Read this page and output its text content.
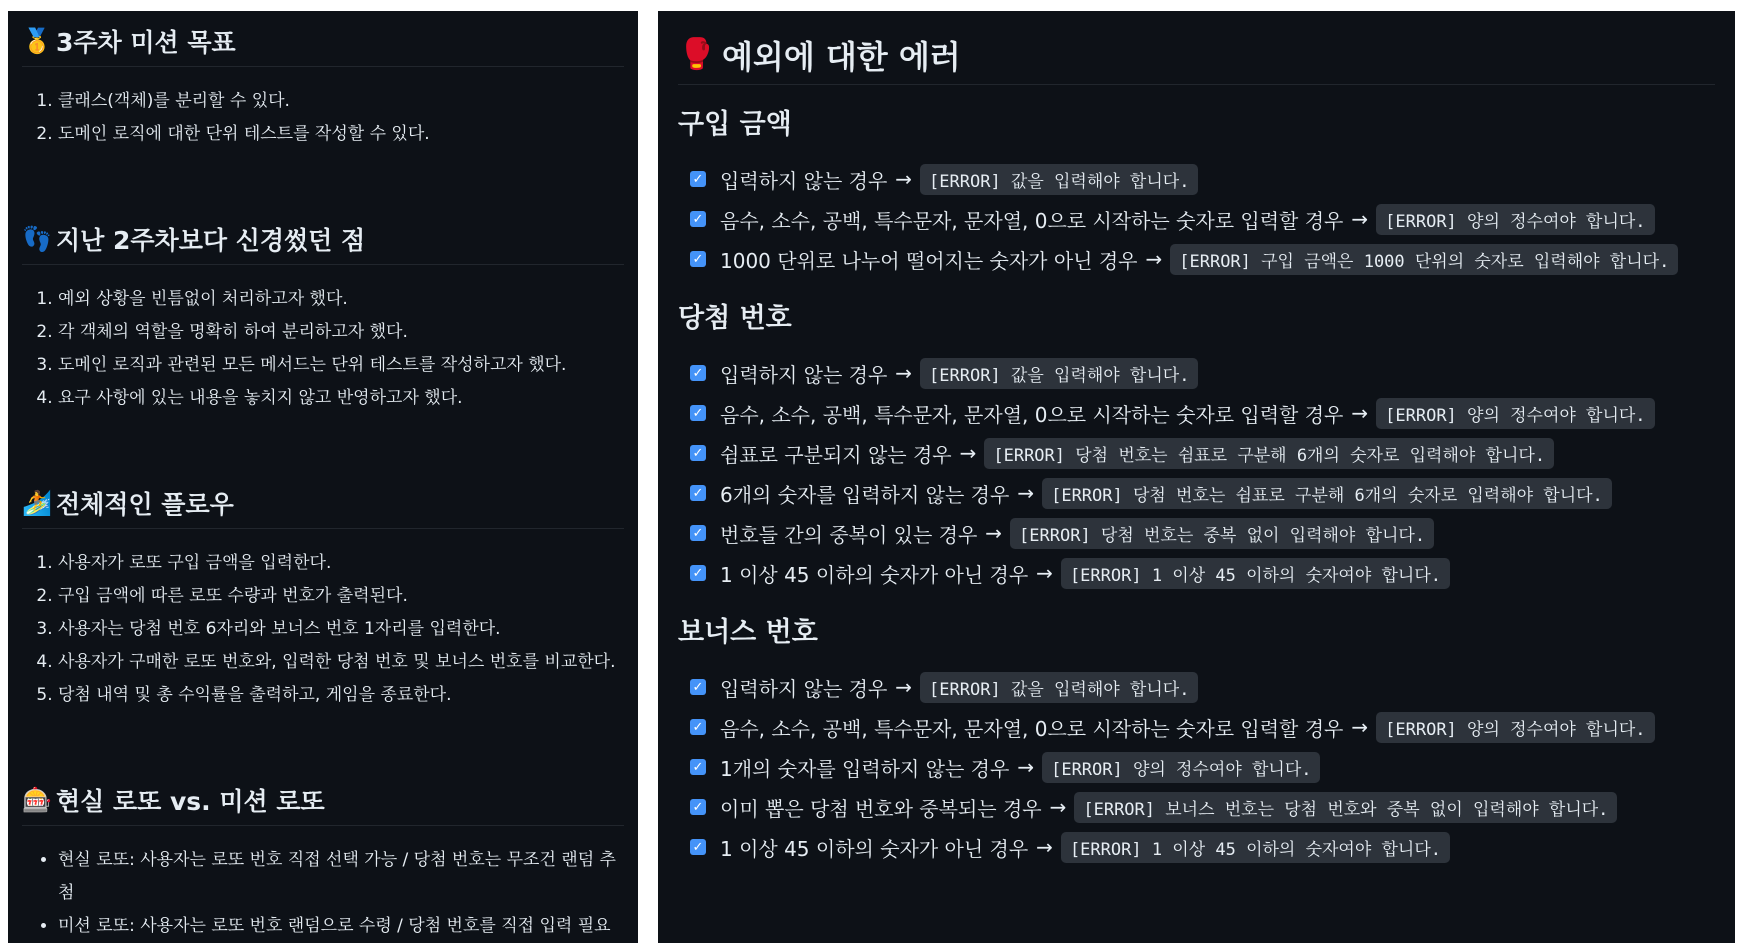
🥇 3주차 미션 목표
1. 클래스(객체)를 분리할 수 있다.
2. 도메인 로직에 대한 단위 테스트를 작성할 수 있다.
👣 지난 2주차보다 신경썼던 점
1. 예외 상황을 빈틈없이 처리하고자 했다.
2. 각 객체의 역할을 명확히 하여 분리하고자 했다.
3. 도메인 로직과 관련된 모든 메서드는 단위 테스트를 작성하고자 했다.
4. 요구 사항에 있는 내용을 놓치지 않고 반영하고자 했다.
🏄 전체적인 플로우
1. 사용자가 로또 구입 금액을 입력한다.
2. 구입 금액에 따른 로또 수량과 번호가 출력된다.
3. 사용자는 당첨 번호 6자리와 보너스 번호 1자리를 입력한다.
4. 사용자가 구매한 로또 번호와, 입력한 당첨 번호 및 보너스 번호를 비교한다.
5. 당첨 내역 및 총 수익률을 출력하고, 게임을 종료한다.
🎰 현실 로또 vs. 미션 로또
• 현실 로또: 사용자는 로또 번호 직접 선택 가능 / 당첨 번호는 무조건 랜덤 추첨
• 미션 로또: 사용자는 로또 번호 랜덤으로 수령 / 당첨 번호를 직접 입력 필요
🥊 예외에 대한 에러
구입 금액
✓ 입력하지 않는 경우 →	[ERROR] 값을 입력해야 합니다.
✓ 음수, 소수, 공백, 특수문자, 문자열, 0으로 시작하는 숫자로 입력할 경우 →	[ERROR] 양의 정수여야 합니다.
✓ 1000 단위로 나누어 떨어지는 숫자가 아닌 경우 →	[ERROR] 구입 금액은 1000 단위의 숫자로 입력해야 합니다.
당첨 번호
✓ 입력하지 않는 경우 →	[ERROR] 값을 입력해야 합니다.
✓ 음수, 소수, 공백, 특수문자, 문자열, 0으로 시작하는 숫자로 입력할 경우 →	[ERROR] 양의 정수여야 합니다.
✓ 쉼표로 구분되지 않는 경우 →	[ERROR] 당첨 번호는 쉼표로 구분해 6개의 숫자로 입력해야 합니다.
✓ 6개의 숫자를 입력하지 않는 경우 →	[ERROR] 당첨 번호는 쉼표로 구분해 6개의 숫자로 입력해야 합니다.
✓ 번호들 간의 중복이 있는 경우 →	[ERROR] 당첨 번호는 중복 없이 입력해야 합니다.
✓ 1 이상 45 이하의 숫자가 아닌 경우 →	[ERROR] 1 이상 45 이하의 숫자여야 합니다.
보너스 번호
✓ 입력하지 않는 경우 →	[ERROR] 값을 입력해야 합니다.
✓ 음수, 소수, 공백, 특수문자, 문자열, 0으로 시작하는 숫자로 입력할 경우 →	[ERROR] 양의 정수여야 합니다.
✓ 1개의 숫자를 입력하지 않는 경우 →	[ERROR] 양의 정수여야 합니다.
✓ 이미 뽑은 당첨 번호와 중복되는 경우 →	[ERROR] 보너스 번호는 당첨 번호와 중복 없이 입력해야 합니다.
✓ 1 이상 45 이하의 숫자가 아닌 경우 →	[ERROR] 1 이상 45 이하의 숫자여야 합니다.
